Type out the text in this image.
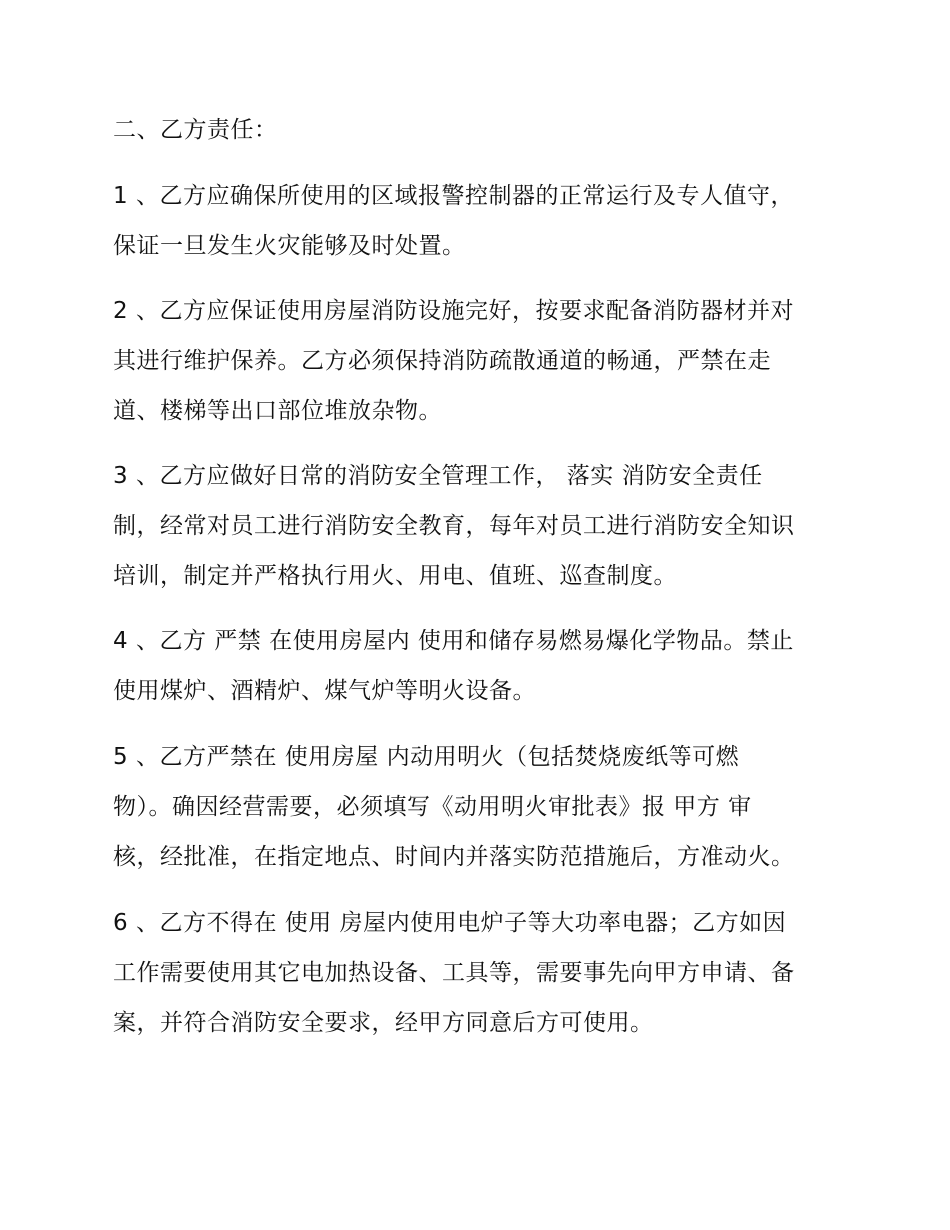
二、乙方责任：
1 、乙方应确保所使用的区域报警控制器的正常运行及专人值守，
保证一旦发生火灾能够及时处置。
2 、乙方应保证使用房屋消防设施完好，按要求配备消防器材并对
其进行维护保养。乙方必须保持消防疏散通道的畅通，严禁在走
道、楼梯等出口部位堆放杂物。
3 、乙方应做好日常的消防安全管理工作， 落实 消防安全责任
制，经常对员工进行消防安全教育，每年对员工进行消防安全知识
培训，制定并严格执行用火、用电、值班、巡查制度。
4 、乙方 严禁 在使用房屋内 使用和储存易燃易爆化学物品。禁止
使用煤炉、酒精炉、煤气炉等明火设备。
5 、乙方严禁在 使用房屋 内动用明火（包括焚烧废纸等可燃
物）。确因经营需要，必须填写《动用明火审批表》报 甲方 审
核，经批准，在指定地点、时间内并落实防范措施后，方准动火。
6 、乙方不得在 使用 房屋内使用电炉子等大功率电器；乙方如因
工作需要使用其它电加热设备、工具等，需要事先向甲方申请、备
案，并符合消防安全要求，经甲方同意后方可使用。
